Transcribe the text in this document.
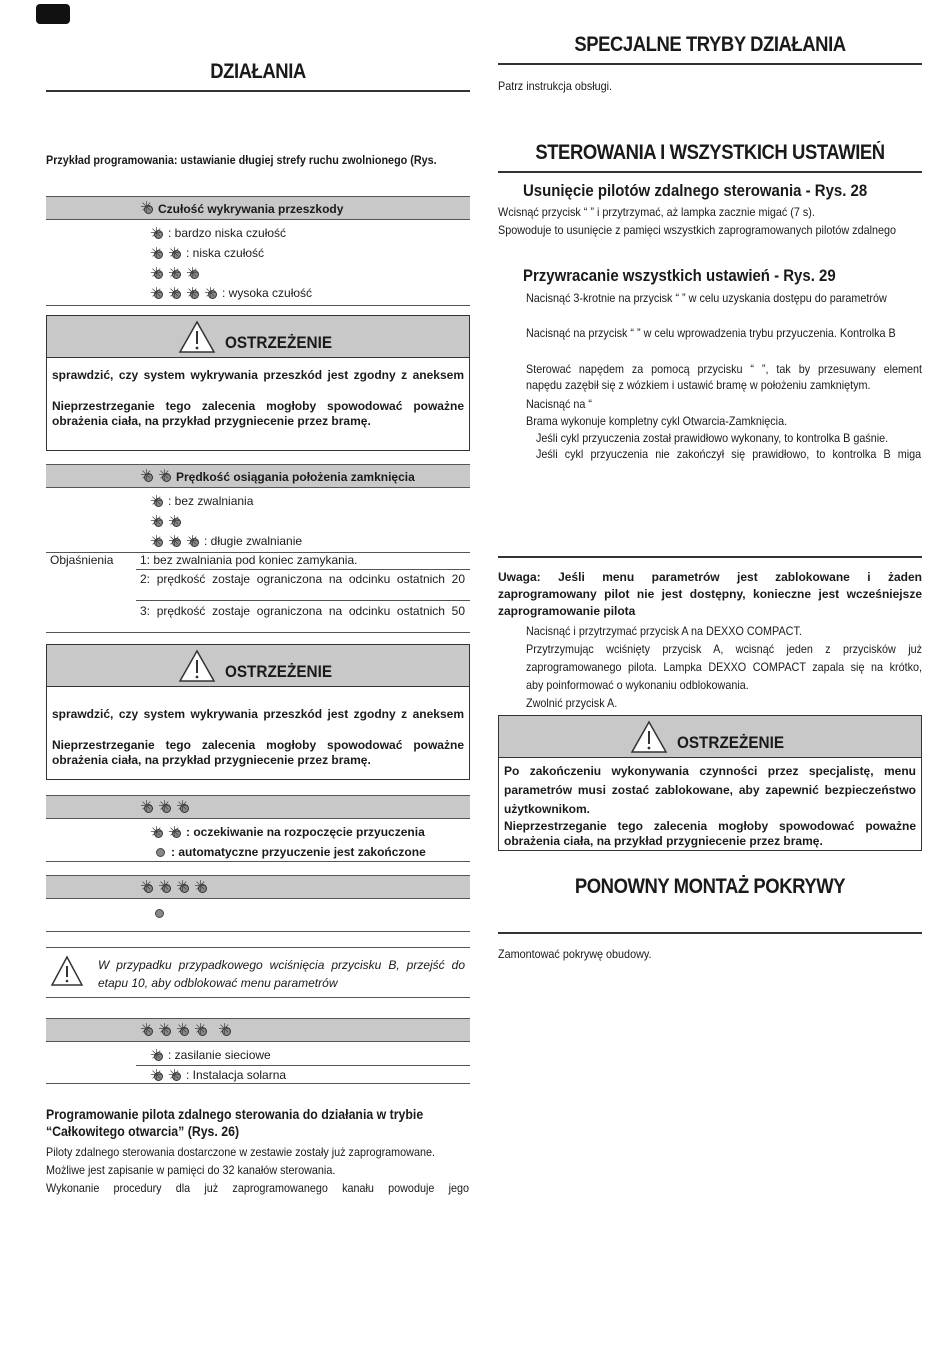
DZIAŁANIA
Przykład programowania: ustawianie długiej strefy ruchu zwolnionego (Rys.
✳
Czułość wykrywania przeszkody
✳
: bardzo niska czułość
✳
✳
: niska czułość
✳
✳
✳
✳
✳
✳
✳
: wysoka czułość
OSTRZEŻENIE
sprawdzić, czy system wykrywania przeszkód jest zgodny z aneksem
Nieprzestrzeganie tego zalecenia mogłoby spowodować poważne obrażenia ciała, na przykład przygniecenie przez bramę.
✳
✳
Prędkość osiągania położenia zamknięcia
✳
: bez zwalniania
✳
✳
✳
✳
✳
: długie zwalnianie
Objaśnienia 1: bez zwalniania pod koniec zamykania.
2: prędkość zostaje ograniczona na odcinku ostatnich 20
3: prędkość zostaje ograniczona na odcinku ostatnich 50
OSTRZEŻENIE
sprawdzić, czy system wykrywania przeszkód jest zgodny z aneksem
Nieprzestrzeganie tego zalecenia mogłoby spowodować poważne obrażenia ciała, na przykład przygniecenie przez bramę.
✳✳✳
✳
✳
: oczekiwanie na rozpoczęcie przyuczenia
: automatyczne przyuczenie jest zakończone
✳✳✳✳
W przypadku przypadkowego wciśnięcia przycisku B, przejść do etapu 10, aby odblokować menu parametrów
✳✳✳✳✳
✳
: zasilanie sieciowe
✳
✳
: Instalacja solarna
Programowanie pilota zdalnego sterowania do działania w trybie “Całkowitego otwarcia” (Rys. 26)
Piloty zdalnego sterowania dostarczone w zestawie zostały już zaprogramowane.
Możliwe jest zapisanie w pamięci do 32 kanałów sterowania.
Wykonanie procedury dla już zaprogramowanego kanału powoduje jego
SPECJALNE TRYBY DZIAŁANIA
Patrz instrukcja obsługi.
STEROWANIA I WSZYSTKICH USTAWIEŃ
Usunięcie pilotów zdalnego sterowania - Rys. 28
Wcisnąć przycisk “ ” i przytrzymać, aż lampka zacznie migać (7 s).
Spowoduje to usunięcie z pamięci wszystkich zaprogramowanych pilotów zdalnego
Przywracanie wszystkich ustawień - Rys. 29
Nacisnąć 3-krotnie na przycisk “ ” w celu uzyskania dostępu do parametrów
Nacisnąć na przycisk “ ” w celu wprowadzenia trybu przyuczenia. Kontrolka B
Sterować napędem za pomocą przycisku “ ”, tak by przesuwany element
napędu zazębił się z wózkiem i ustawić bramę w położeniu zamkniętym.
Nacisnąć na “
Brama wykonuje kompletny cykl Otwarcia-Zamknięcia.
Jeśli cykl przyuczenia został prawidłowo wykonany, to kontrolka B gaśnie.
Jeśli cykl przyuczenia nie zakończył się prawidłowo, to kontrolka B miga
Uwaga: Jeśli menu parametrów jest zablokowane i żaden zaprogramowany pilot nie jest dostępny, konieczne jest wcześniejsze zaprogramowanie pilota
Nacisnąć i przytrzymać przycisk A na DEXXO COMPACT.
Przytrzymując wciśnięty przycisk A, wcisnąć jeden z przycisków już
zaprogramowanego pilota. Lampka DEXXO COMPACT zapala się na krótko,
aby poinformować o wykonaniu odblokowania.
Zwolnić przycisk A.
OSTRZEŻENIE
Po zakończeniu wykonywania czynności przez specjalistę, menu parametrów musi zostać zablokowane, aby zapewnić bezpieczeństwo użytkownikom.
Nieprzestrzeganie tego zalecenia mogłoby spowodować poważne obrażenia ciała, na przykład przygniecenie przez bramę.
PONOWNY MONTAŻ POKRYWY
Zamontować pokrywę obudowy.
